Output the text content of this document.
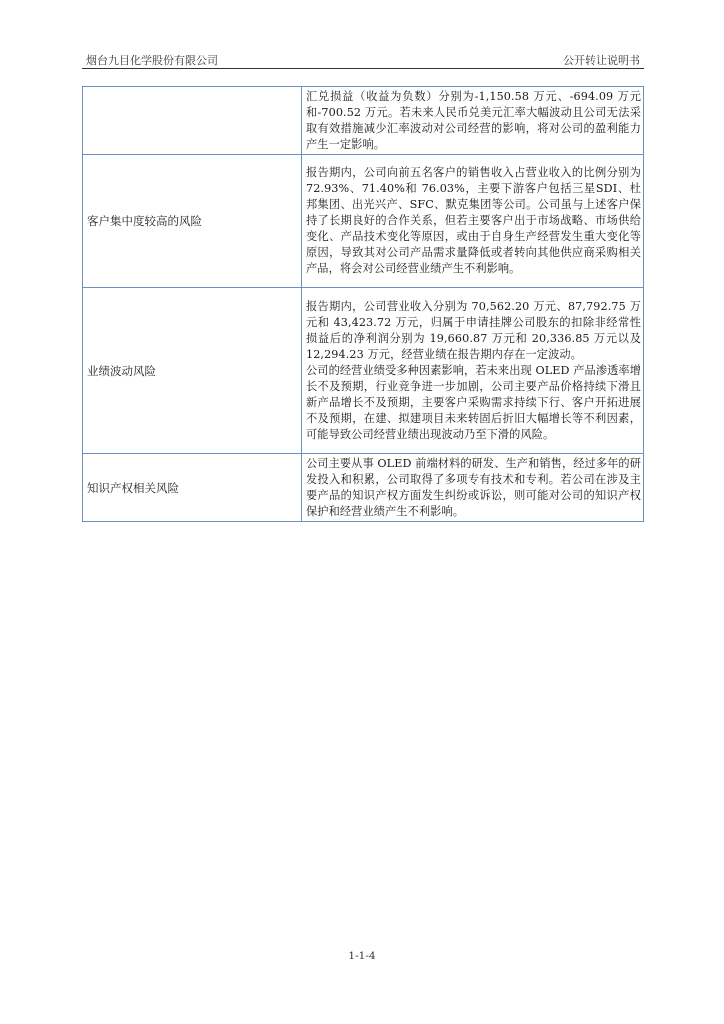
烟台九目化学股份有限公司	公开转让说明书

	汇兑损益（收益为负数）分别为-1,150.58 万元、-694.09 万元和-700.52 万元。若未来人民币兑美元汇率大幅波动且公司无法采取有效措施减少汇率波动对公司经营的影响，将对公司的盈利能力产生一定影响。

客户集中度较高的风险	报告期内，公司向前五名客户的销售收入占营业收入的比例分别为 72.93%、71.40%和 76.03%，主要下游客户包括三星SDI、杜邦集团、出光兴产、SFC、默克集团等公司。公司虽与上述客户保持了长期良好的合作关系，但若主要客户出于市场战略、市场供给变化、产品技术变化等原因，或由于自身生产经营发生重大变化等原因，导致其对公司产品需求量降低或者转向其他供应商采购相关产品，将会对公司经营业绩产生不利影响。

业绩波动风险	报告期内，公司营业收入分别为 70,562.20 万元、87,792.75 万元和 43,423.72 万元，归属于申请挂牌公司股东的扣除非经常性损益后的净利润分别为 19,660.87 万元和 20,336.85 万元以及 12,294.23 万元，经营业绩在报告期内存在一定波动。

公司的经营业绩受多种因素影响，若未来出现 OLED 产品渗透率增长不及预期，行业竞争进一步加剧，公司主要产品价格持续下滑且新产品增长不及预期，主要客户采购需求持续下行、客户开拓进展不及预期，在建、拟建项目未来转固后折旧大幅增长等不利因素，可能导致公司经营业绩出现波动乃至下滑的风险。

知识产权相关风险	公司主要从事 OLED 前端材料的研发、生产和销售，经过多年的研发投入和积累，公司取得了多项专有技术和专利。若公司在涉及主要产品的知识产权方面发生纠纷或诉讼，则可能对公司的知识产权保护和经营业绩产生不利影响。

1-1-4
